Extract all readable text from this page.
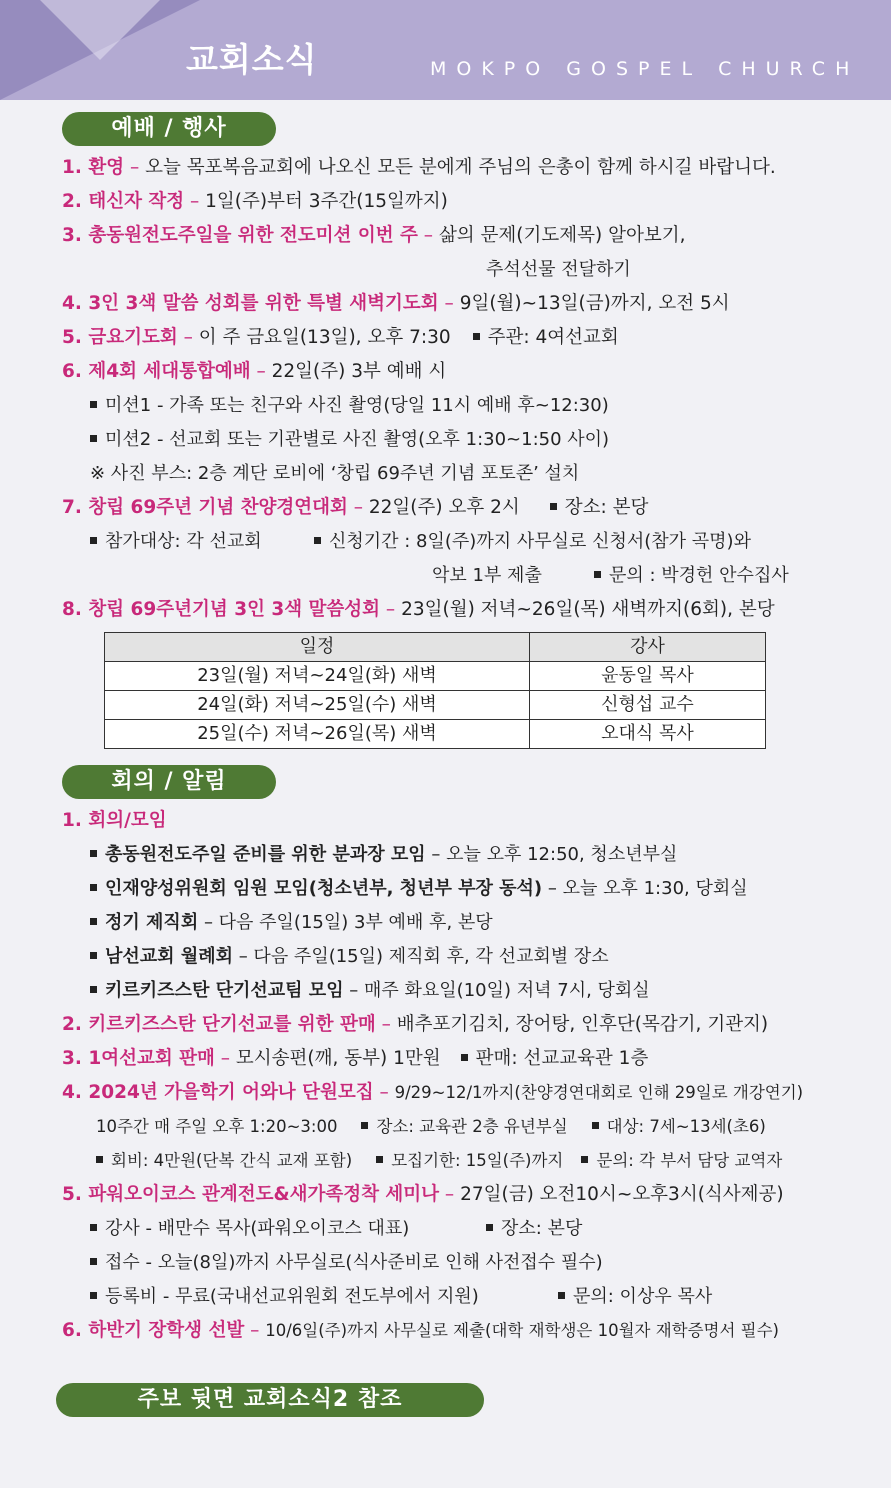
교회소식	MOKPO GOSPEL CHURCH
예배 / 행사
1. 환영 – 오늘 목포복음교회에 나오신 모든 분에게 주님의 은총이 함께 하시길 바랍니다.
2. 태신자 작정 – 1일(주)부터 3주간(15일까지)
3. 총동원전도주일을 위한 전도미션 이번 주 – 삶의 문제(기도제목) 알아보기,
추석선물 전달하기
4. 3인 3색 말씀 성회를 위한 특별 새벽기도회 – 9일(월)~13일(금)까지, 오전 5시
5. 금요기도회 – 이 주 금요일(13일), 오후 7:30 주관: 4여선교회
6. 제4회 세대통합예배 – 22일(주) 3부 예배 시
미션1 - 가족 또는 친구와 사진 촬영(당일 11시 예배 후~12:30)
미션2 - 선교회 또는 기관별로 사진 촬영(오후 1:30~1:50 사이)
※ 사진 부스: 2층 계단 로비에 ‘창립 69주년 기념 포토존’ 설치
7. 창립 69주년 기념 찬양경연대회 – 22일(주) 오후 2시 장소: 본당
참가대상: 각 선교회	신청기간 : 8일(주)까지 사무실로 신청서(참가 곡명)와
악보 1부 제출	문의 : 박경헌 안수집사
8. 창립 69주년기념 3인 3색 말씀성회 – 23일(월) 저녁~26일(목) 새벽까지(6회), 본당
일정	강사
23일(월) 저녁~24일(화) 새벽	윤동일 목사
24일(화) 저녁~25일(수) 새벽	신형섭 교수
25일(수) 저녁~26일(목) 새벽	오대식 목사
회의 / 알림
1. 회의/모임
총동원전도주일 준비를 위한 분과장 모임 – 오늘 오후 12:50, 청소년부실
인재양성위원회 임원 모임(청소년부, 청년부 부장 동석) – 오늘 오후 1:30, 당회실
정기 제직회 – 다음 주일(15일) 3부 예배 후, 본당
남선교회 월례회 – 다음 주일(15일) 제직회 후, 각 선교회별 장소
키르키즈스탄 단기선교팀 모임 – 매주 화요일(10일) 저녁 7시, 당회실
2. 키르키즈스탄 단기선교를 위한 판매 – 배추포기김치, 장어탕, 인후단(목감기, 기관지)
3. 1여선교회 판매 – 모시송편(깨, 동부) 1만원 판매: 선교교육관 1층
4. 2024년 가을학기 어와나 단원모집 – 9/29~12/1까지(찬양경연대회로 인해 29일로 개강연기)
10주간 매 주일 오후 1:20~3:00 장소: 교육관 2층 유년부실 대상: 7세~13세(초6)
회비: 4만원(단복 간식 교재 포함) 모집기한: 15일(주)까지 문의: 각 부서 담당 교역자
5. 파워오이코스 관계전도&새가족정착 세미나 – 27일(금) 오전10시~오후3시(식사제공)
강사 - 배만수 목사(파워오이코스 대표)	장소: 본당
접수 - 오늘(8일)까지 사무실로(식사준비로 인해 사전접수 필수)
등록비 - 무료(국내선교위원회 전도부에서 지원)	문의: 이상우 목사
6. 하반기 장학생 선발 – 10/6일(주)까지 사무실로 제출(대학 재학생은 10월자 재학증명서 필수)
주보 뒷면 교회소식2 참조
